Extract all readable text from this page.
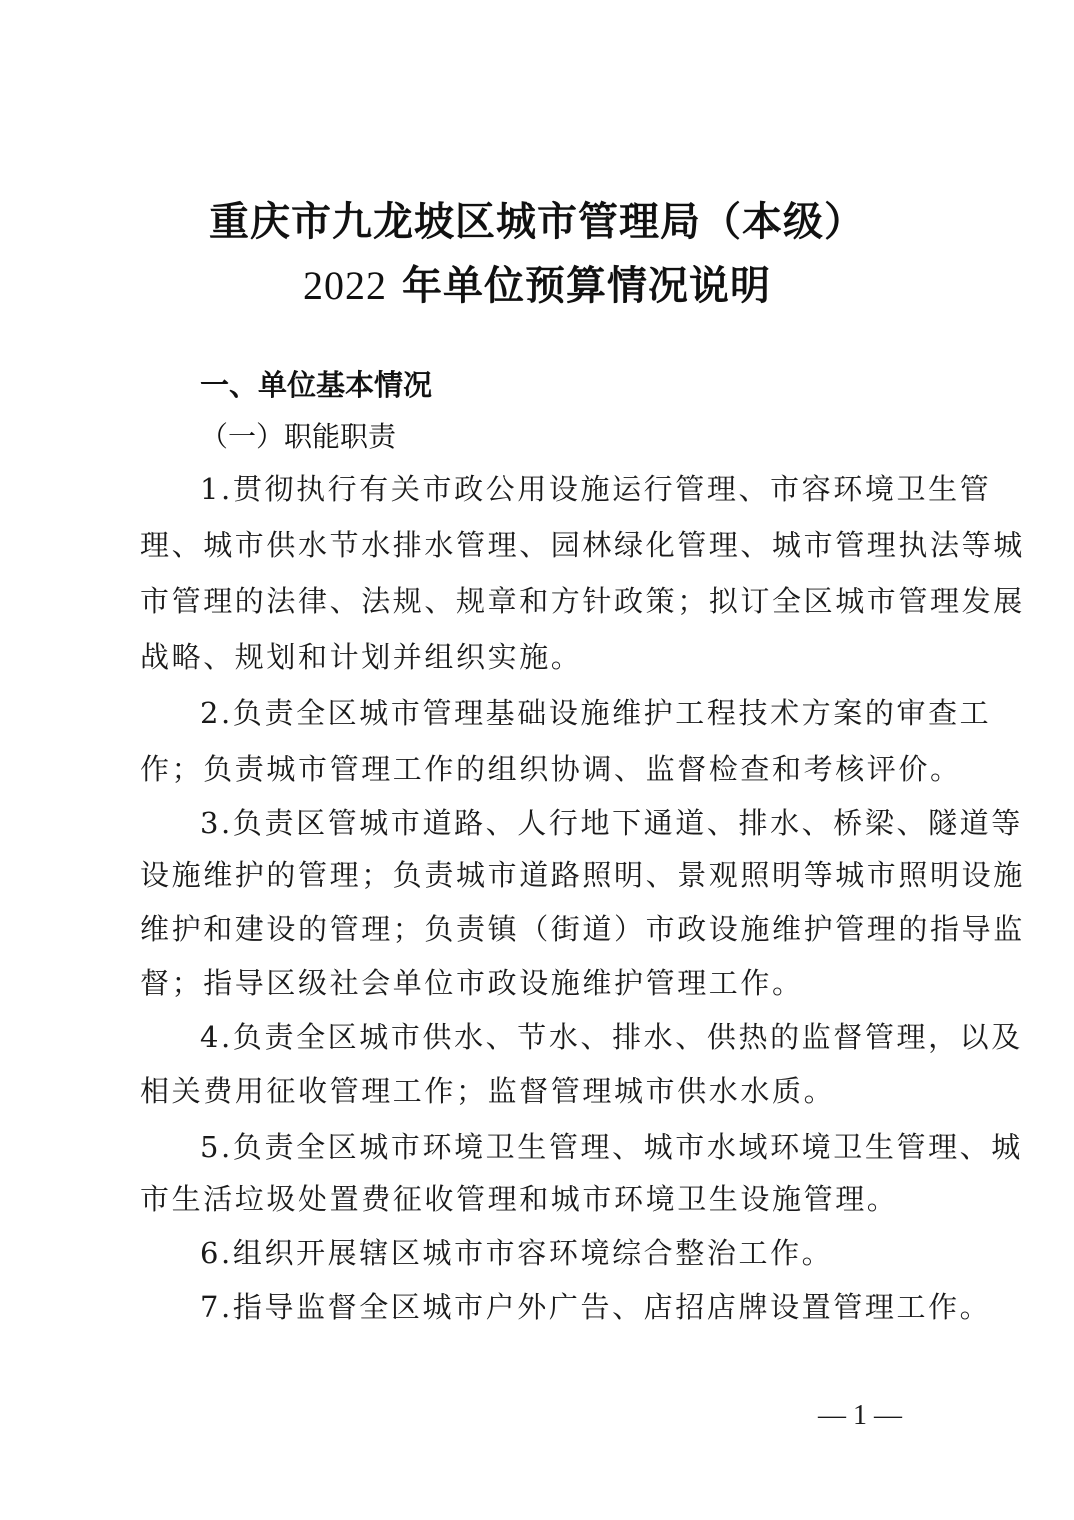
重庆市九龙坡区城市管理局（本级）
2022 年单位预算情况说明
一、单位基本情况
（一）职能职责
1.贯彻执行有关市政公用设施运行管理、市容环境卫生管
理、城市供水节水排水管理、园林绿化管理、城市管理执法等城
市管理的法律、法规、规章和方针政策；拟订全区城市管理发展
战略、规划和计划并组织实施。
2.负责全区城市管理基础设施维护工程技术方案的审查工
作；负责城市管理工作的组织协调、监督检查和考核评价。
3.负责区管城市道路、人行地下通道、排水、桥梁、隧道等
设施维护的管理；负责城市道路照明、景观照明等城市照明设施
维护和建设的管理；负责镇（街道）市政设施维护管理的指导监
督；指导区级社会单位市政设施维护管理工作。
4.负责全区城市供水、节水、排水、供热的监督管理，以及
相关费用征收管理工作；监督管理城市供水水质。
5.负责全区城市环境卫生管理、城市水域环境卫生管理、城
市生活垃圾处置费征收管理和城市环境卫生设施管理。
6.组织开展辖区城市市容环境综合整治工作。
7.指导监督全区城市户外广告、店招店牌设置管理工作。
— 1 —
